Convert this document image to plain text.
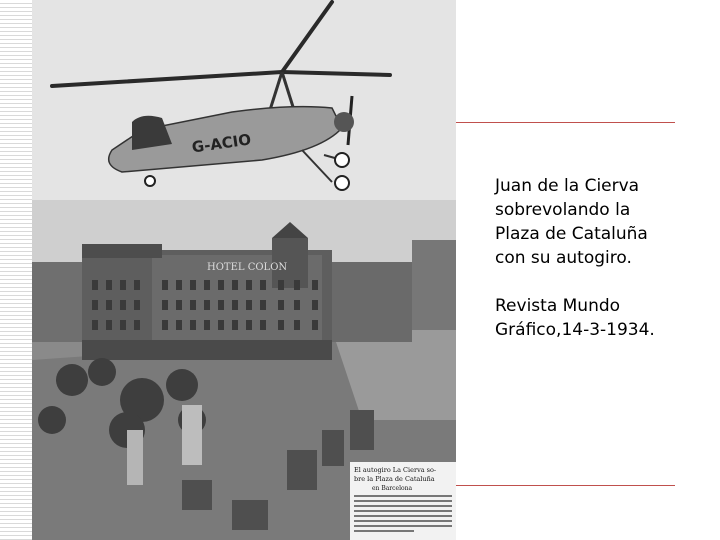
HOTEL COLON
G-ACIO
El autogiro La Cierva so-
bre la Plaza de Cataluña
en Barcelona

Juan de la Cierva
sobrevolando la
Plaza de Cataluña
con su autogiro.

Revista Mundo
Gráfico,14-3-1934.
